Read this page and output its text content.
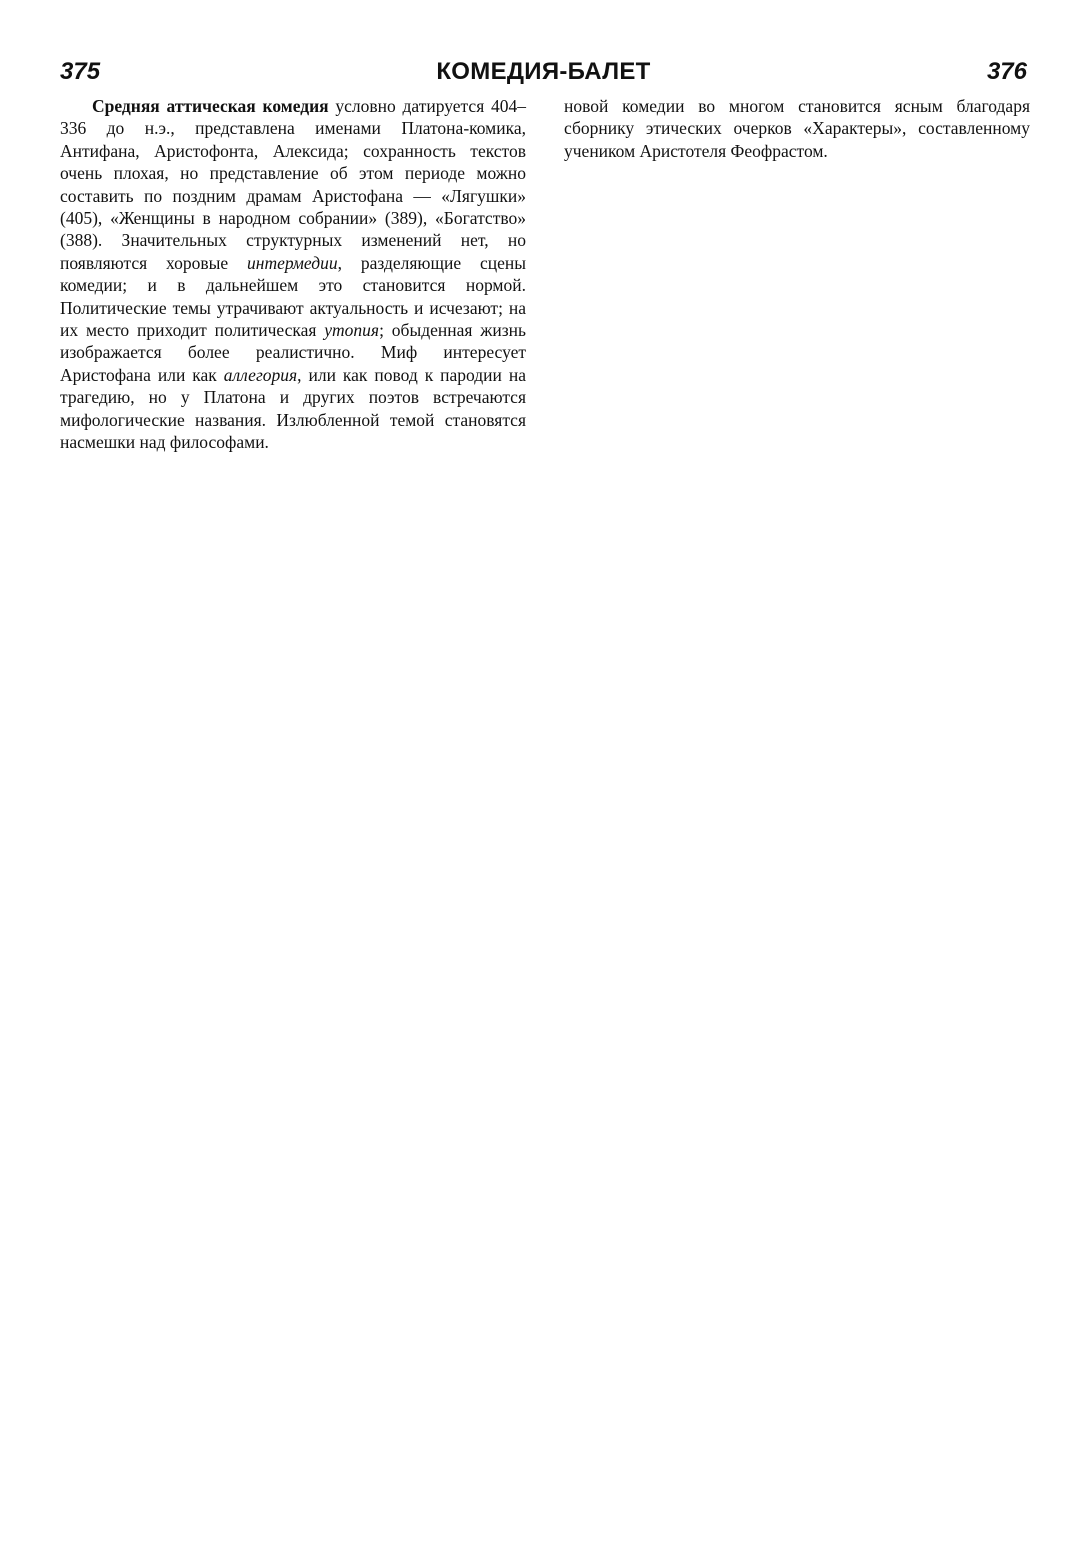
375	КОМЕДИЯ-БАЛЕТ	376

Средняя аттическая комедия условно датируется 404–336 до н.э., представлена именами Платона-комика, Антифана, Аристофонта, Алексида; сохранность текстов очень плохая, но представление об этом периоде можно составить по поздним драмам Аристофана — «Лягушки» (405), «Женщины в народном собрании» (389), «Богатство» (388). Значительных структурных изменений нет, но появляются хоровые интермедии, разделяющие сцены комедии; и в дальнейшем это становится нормой. Политические темы утрачивают актуальность и исчезают; на их место приходит политическая утопия; обыденная жизнь изображается более реалистично. Миф интересует Аристофана или как аллегория, или как повод к пародии на трагедию, но у Платона и других поэтов встречаются мифологические названия. Излюбленной темой становятся насмешки над философами.

новой комедии во многом становится ясным благодаря сборнику этических очерков «Характеры», составленному учеником Аристотеля Феофрастом.
